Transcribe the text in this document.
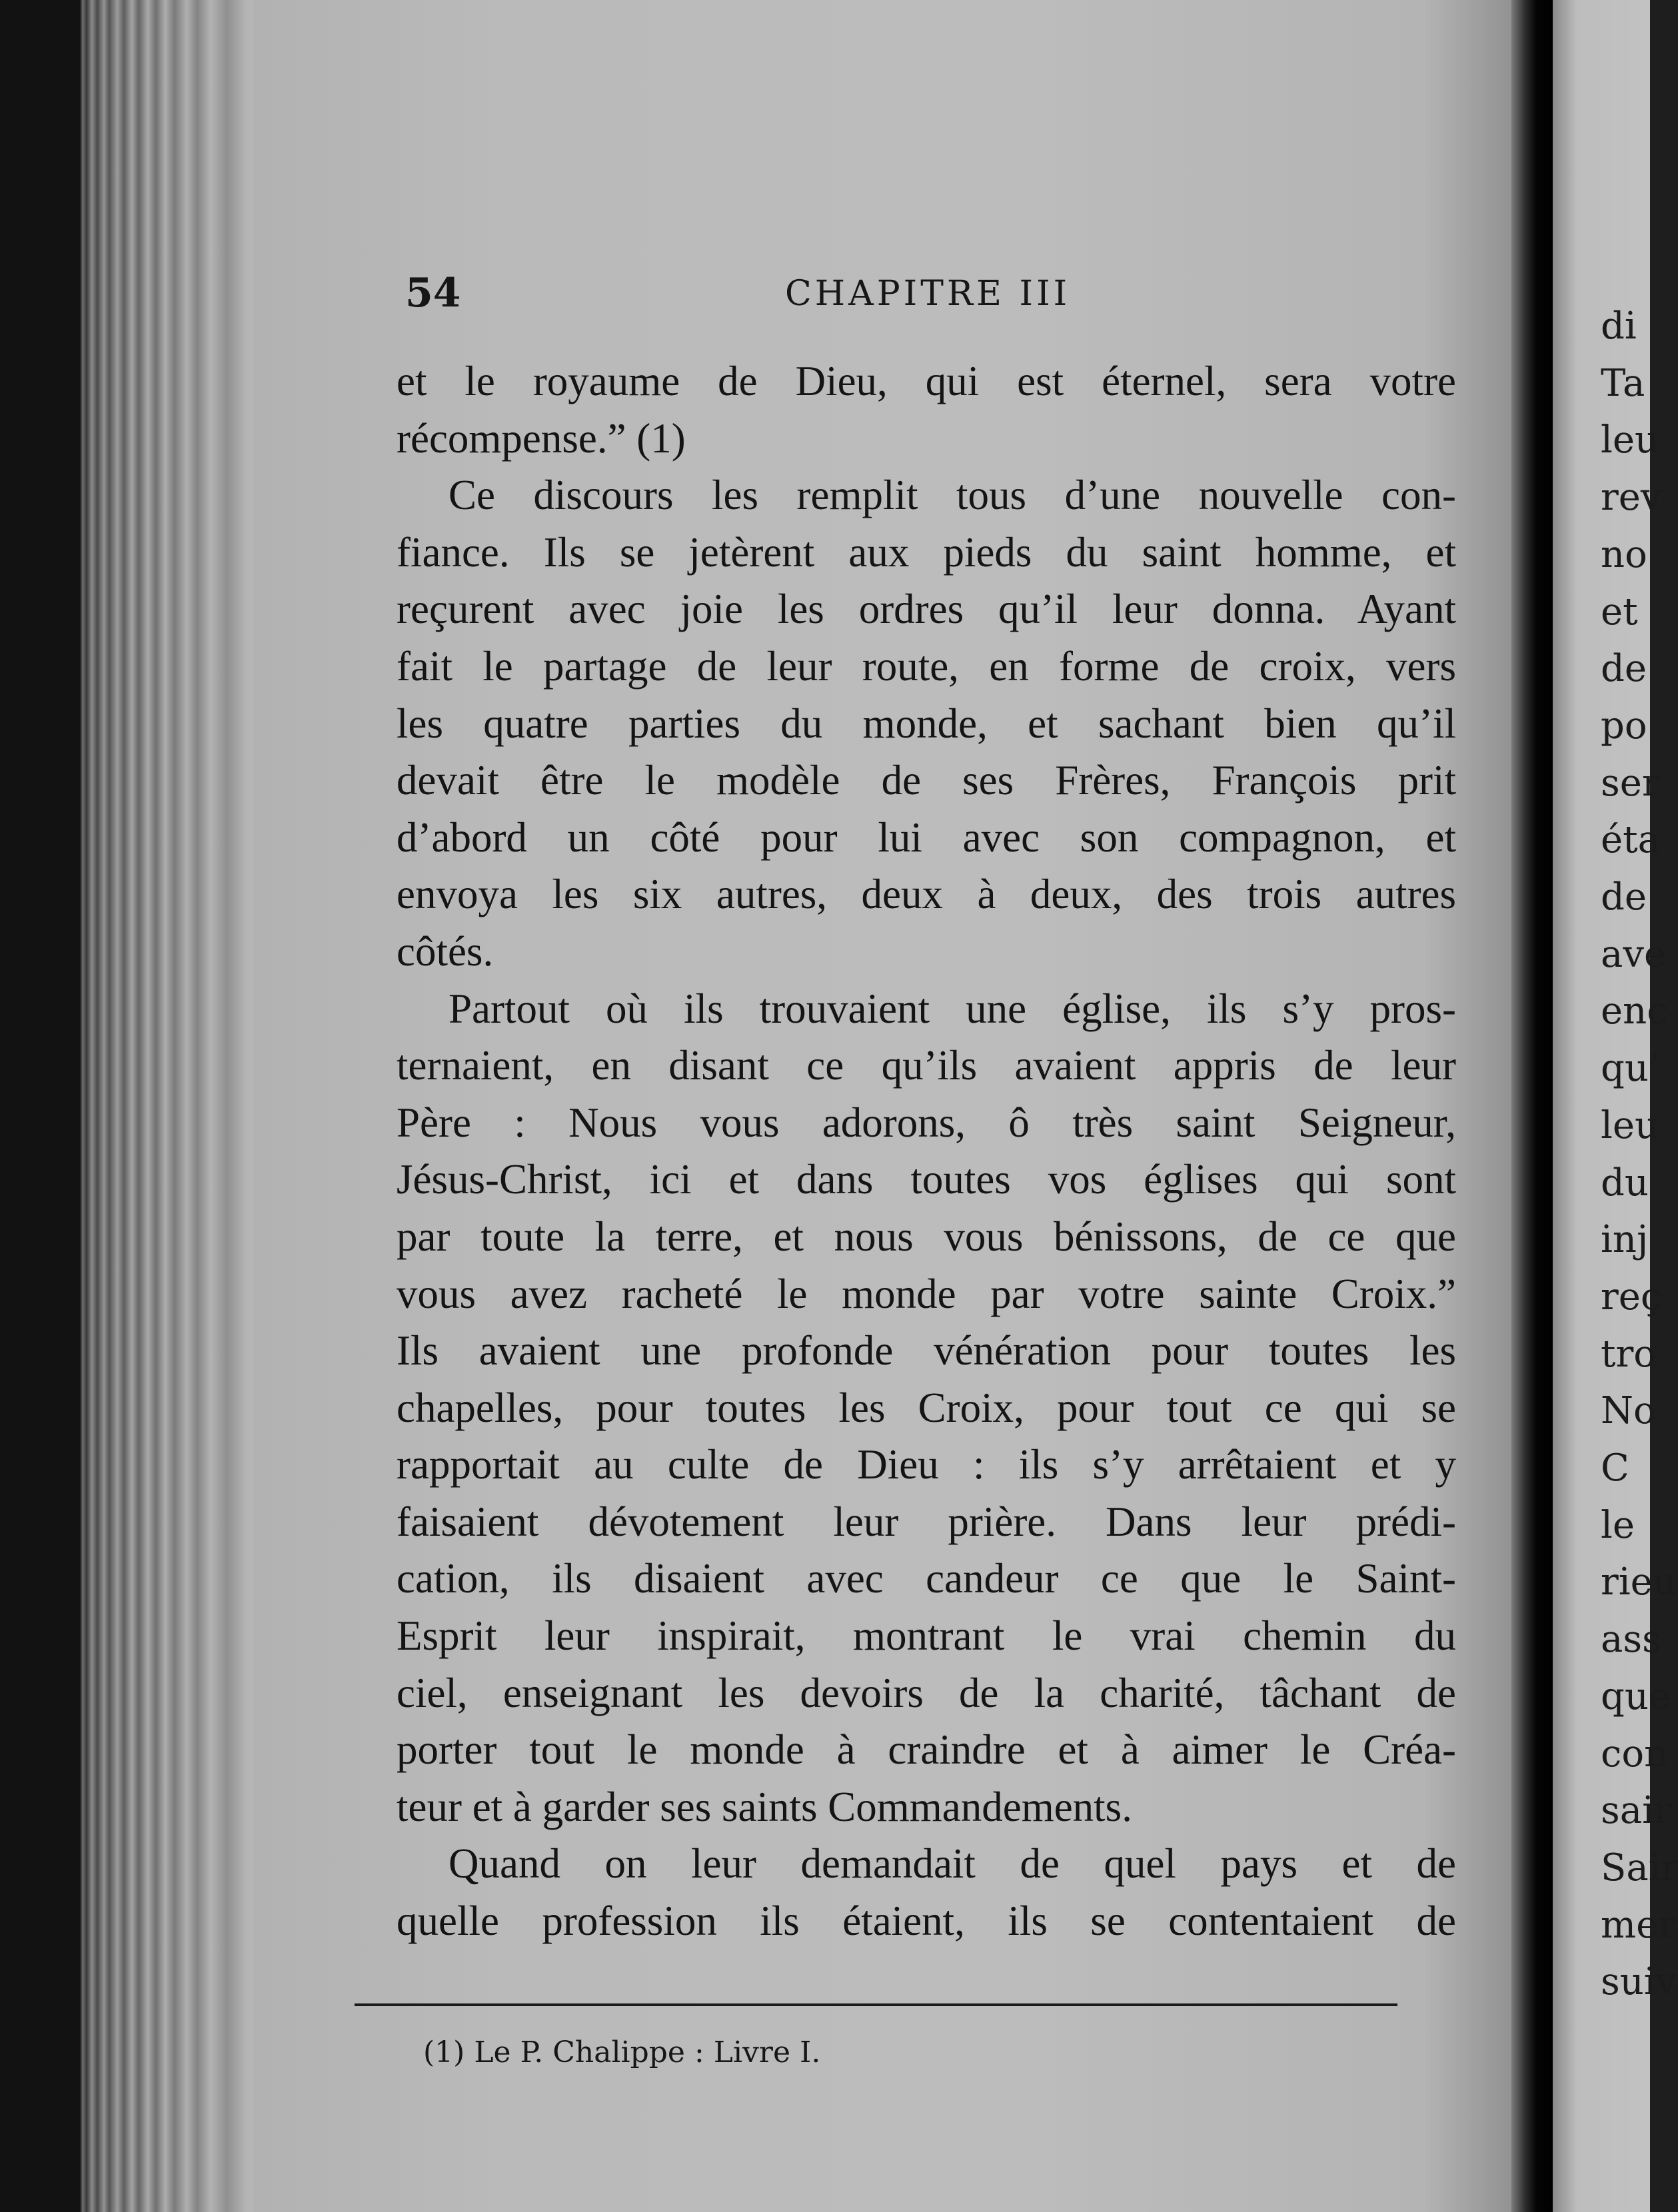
di
Ta
leu
rev
no
et
de
po
ser
éta
de
ave
enc
qu’
leu
du
inj
reç
tro
No
C
le
rieu
ass
que
con
sair
Sair
mer
suiv
54	CHAPITRE III
et le royaume de Dieu, qui est éternel, sera votre
récompense.” (1)
Ce discours les remplit tous d’une nouvelle con-
fiance. Ils se jetèrent aux pieds du saint homme, et
reçurent avec joie les ordres qu’il leur donna. Ayant
fait le partage de leur route, en forme de croix, vers
les quatre parties du monde, et sachant bien qu’il
devait être le modèle de ses Frères, François prit
d’abord un côté pour lui avec son compagnon, et
envoya les six autres, deux à deux, des trois autres
côtés.
Partout où ils trouvaient une église, ils s’y pros-
ternaient, en disant ce qu’ils avaient appris de leur
Père : Nous vous adorons, ô très saint Seigneur,
Jésus-Christ, ici et dans toutes vos églises qui sont
par toute la terre, et nous vous bénissons, de ce que
vous avez racheté le monde par votre sainte Croix.”
Ils avaient une profonde vénération pour toutes les
chapelles, pour toutes les Croix, pour tout ce qui se
rapportait au culte de Dieu : ils s’y arrêtaient et y
faisaient dévotement leur prière. Dans leur prédi-
cation, ils disaient avec candeur ce que le Saint-
Esprit leur inspirait, montrant le vrai chemin du
ciel, enseignant les devoirs de la charité, tâchant de
porter tout le monde à craindre et à aimer le Créa-
teur et à garder ses saints Commandements.
Quand on leur demandait de quel pays et de
quelle profession ils étaient, ils se contentaient de
(1) Le P. Chalippe : Livre I.
